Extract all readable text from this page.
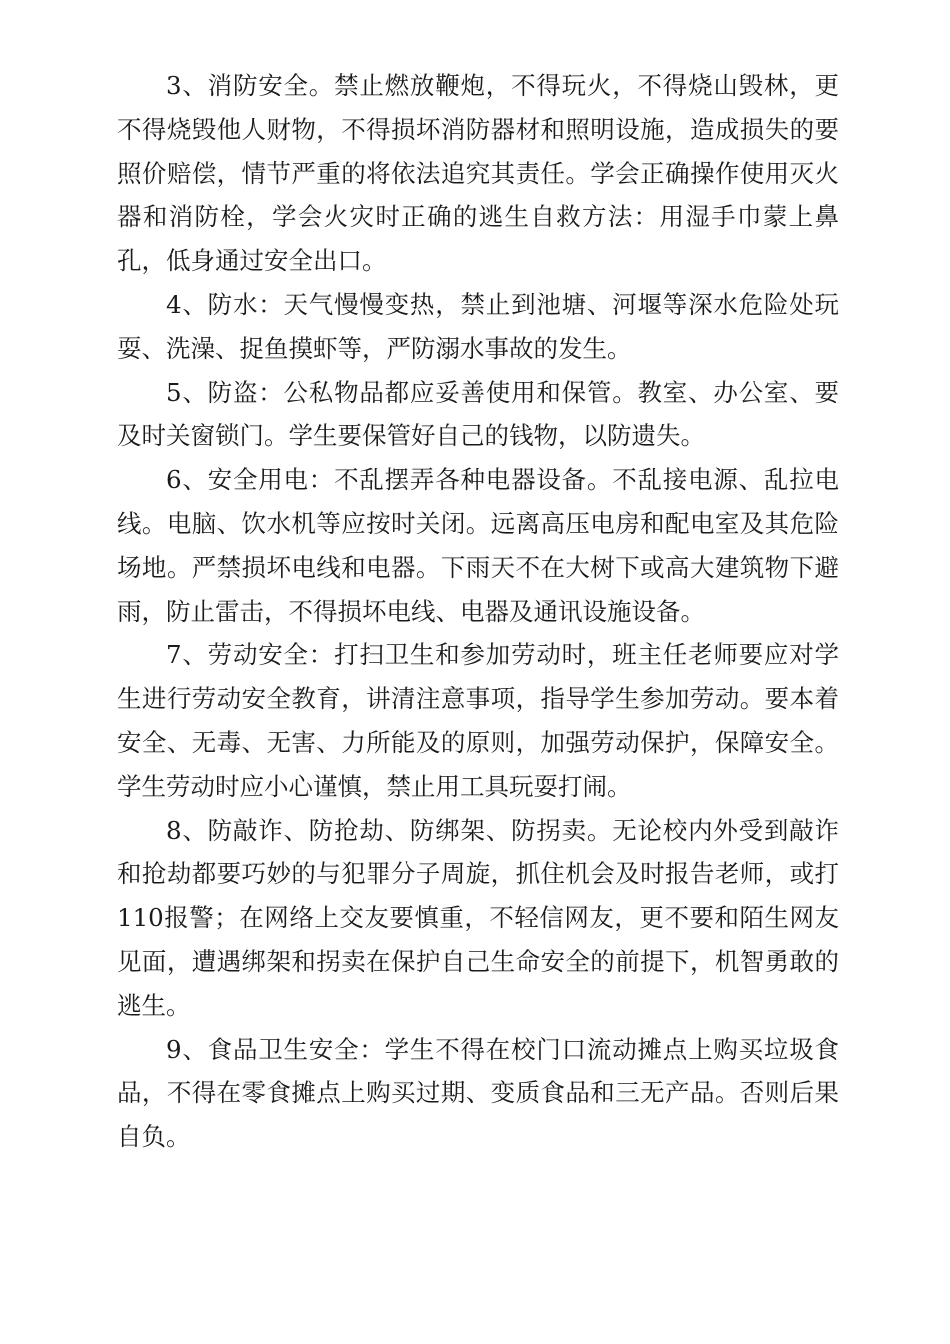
3、消防安全。禁止燃放鞭炮，不得玩火，不得烧山毁林，更不得烧毁他人财物，不得损坏消防器材和照明设施，造成损失的要照价赔偿，情节严重的将依法追究其责任。学会正确操作使用灭火器和消防栓，学会火灾时正确的逃生自救方法：用湿手巾蒙上鼻孔，低身通过安全出口。

4、防水：天气慢慢变热，禁止到池塘、河堰等深水危险处玩耍、洗澡、捉鱼摸虾等，严防溺水事故的发生。

5、防盗：公私物品都应妥善使用和保管。教室、办公室、要及时关窗锁门。学生要保管好自己的钱物，以防遗失。

6、安全用电：不乱摆弄各种电器设备。不乱接电源、乱拉电线。电脑、饮水机等应按时关闭。远离高压电房和配电室及其危险场地。严禁损坏电线和电器。下雨天不在大树下或高大建筑物下避雨，防止雷击，不得损坏电线、电器及通讯设施设备。

7、劳动安全：打扫卫生和参加劳动时，班主任老师要应对学生进行劳动安全教育，讲清注意事项，指导学生参加劳动。要本着安全、无毒、无害、力所能及的原则，加强劳动保护，保障安全。学生劳动时应小心谨慎，禁止用工具玩耍打闹。

8、防敲诈、防抢劫、防绑架、防拐卖。无论校内外受到敲诈和抢劫都要巧妙的与犯罪分子周旋，抓住机会及时报告老师，或打110报警；在网络上交友要慎重，不轻信网友，更不要和陌生网友见面，遭遇绑架和拐卖在保护自己生命安全的前提下，机智勇敢的逃生。

9、食品卫生安全：学生不得在校门口流动摊点上购买垃圾食品，不得在零食摊点上购买过期、变质食品和三无产品。否则后果自负。
